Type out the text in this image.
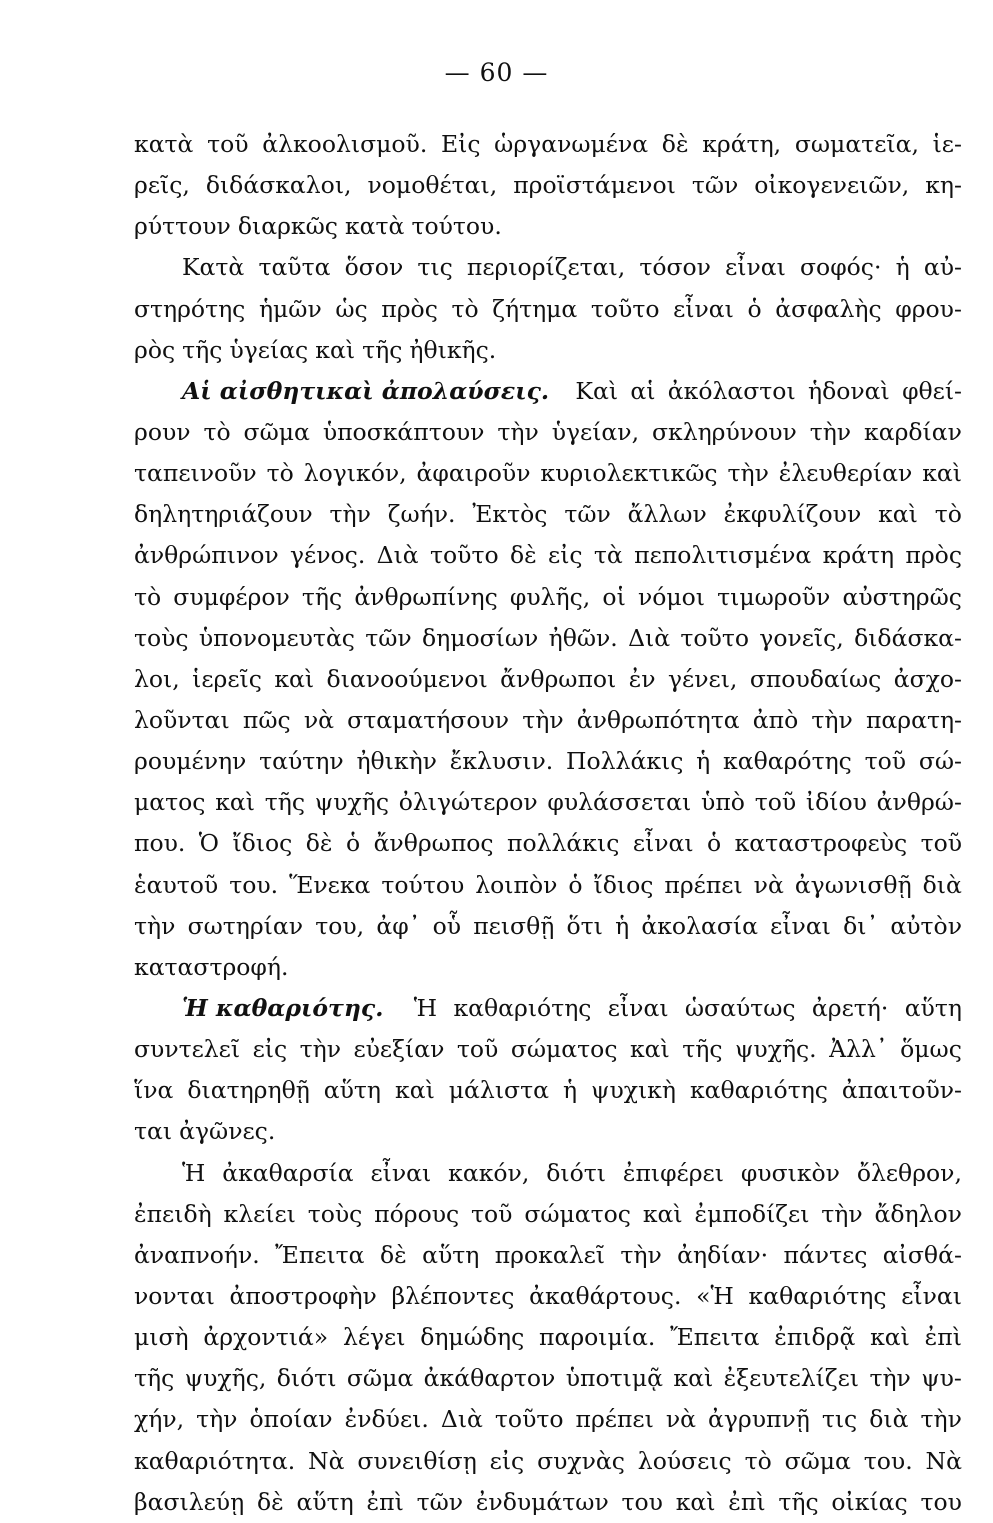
— 60 —
κατὰ τοῦ ἀλκοολισμοῦ. Εἰς ὡργανωμένα δὲ κράτη, σωματεῖα, ἱε-
ρεῖς, διδάσκαλοι, νομοθέται, προϊστάμενοι τῶν οἰκογενειῶν, κη-
ρύττουν διαρκῶς κατὰ τούτου.
Κατὰ ταῦτα ὅσον τις περιορίζεται, τόσον εἶναι σοφός· ἡ αὐ-
στηρότης ἡμῶν ὡς πρὸς τὸ ζήτημα τοῦτο εἶναι ὁ ἀσφαλὴς φρου-
ρὸς τῆς ὑγείας καὶ τῆς ἠθικῆς.
Αἱ αἰσθητικαὶ ἀπολαύσεις. Καὶ αἱ ἀκόλαστοι ἡδοναὶ φθεί-
ρουν τὸ σῶμα ὑποσκάπτουν τὴν ὑγείαν, σκληρύνουν τὴν καρδίαν
ταπεινοῦν τὸ λογικόν, ἀφαιροῦν κυριολεκτικῶς τὴν ἐλευθερίαν καὶ
δηλητηριάζουν τὴν ζωήν. Ἐκτὸς τῶν ἄλλων ἐκφυλίζουν καὶ τὸ
ἀνθρώπινον γένος. Διὰ τοῦτο δὲ εἰς τὰ πεπολιτισμένα κράτη πρὸς
τὸ συμφέρον τῆς ἀνθρωπίνης φυλῆς, οἱ νόμοι τιμωροῦν αὐστηρῶς
τοὺς ὑπονομευτὰς τῶν δημοσίων ἠθῶν. Διὰ τοῦτο γονεῖς, διδάσκα-
λοι, ἱερεῖς καὶ διανοούμενοι ἄνθρωποι ἐν γένει, σπουδαίως ἀσχο-
λοῦνται πῶς νὰ σταματήσουν τὴν ἀνθρωπότητα ἀπὸ τὴν παρατη-
ρουμένην ταύτην ἠθικὴν ἔκλυσιν. Πολλάκις ἡ καθαρότης τοῦ σώ-
ματος καὶ τῆς ψυχῆς ὀλιγώτερον φυλάσσεται ὑπὸ τοῦ ἰδίου ἀνθρώ-
που. Ὁ ἴδιος δὲ ὁ ἄνθρωπος πολλάκις εἶναι ὁ καταστροφεὺς τοῦ
ἑαυτοῦ του. Ἕνεκα τούτου λοιπὸν ὁ ἴδιος πρέπει νὰ ἀγωνισθῇ διὰ
τὴν σωτηρίαν του, ἀφ᾽ οὗ πεισθῇ ὅτι ἡ ἀκολασία εἶναι δι᾽ αὐτὸν
καταστροφή.
Ἡ καθαριότης. Ἡ καθαριότης εἶναι ὡσαύτως ἀρετή· αὕτη
συντελεῖ εἰς τὴν εὐεξίαν τοῦ σώματος καὶ τῆς ψυχῆς. Ἀλλ᾽ ὅμως
ἵνα διατηρηθῇ αὕτη καὶ μάλιστα ἡ ψυχικὴ καθαριότης ἀπαιτοῦν-
ται ἀγῶνες.
Ἡ ἀκαθαρσία εἶναι κακόν, διότι ἐπιφέρει φυσικὸν ὄλεθρον,
ἐπειδὴ κλείει τοὺς πόρους τοῦ σώματος καὶ ἐμποδίζει τὴν ἄδηλον
ἀναπνοήν. Ἔπειτα δὲ αὕτη προκαλεῖ τὴν ἀηδίαν· πάντες αἰσθά-
νονται ἀποστροφὴν βλέποντες ἀκαθάρτους. «Ἡ καθαριότης εἶναι
μισὴ ἀρχοντιά» λέγει δημώδης παροιμία. Ἔπειτα ἐπιδρᾷ καὶ ἐπὶ
τῆς ψυχῆς, διότι σῶμα ἀκάθαρτον ὑποτιμᾷ καὶ ἐξευτελίζει τὴν ψυ-
χήν, τὴν ὁποίαν ἐνδύει. Διὰ τοῦτο πρέπει νὰ ἀγρυπνῇ τις διὰ τὴν
καθαριότητα. Νὰ συνειθίσῃ εἰς συχνὰς λούσεις τὸ σῶμα του. Νὰ
βασιλεύῃ δὲ αὕτη ἐπὶ τῶν ἐνδυμάτων του καὶ ἐπὶ τῆς οἰκίας του
